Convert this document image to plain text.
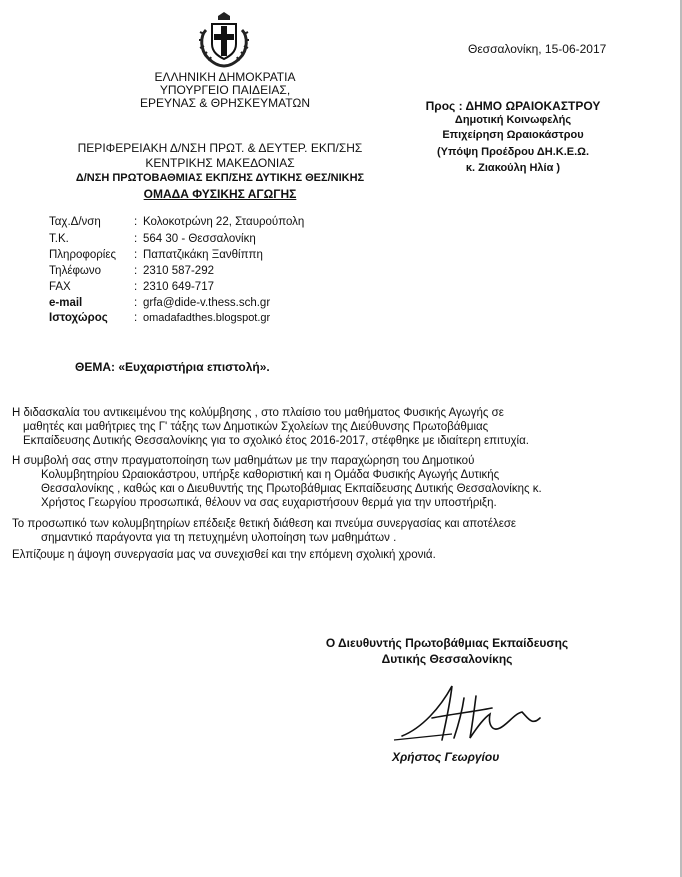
Θεσσαλονίκη, 15-06-2017
ΕΛΛΗΝΙΚΗ ΔΗΜΟΚΡΑΤΙΑ
ΥΠΟΥΡΓΕΙΟ ΠΑΙΔΕΙΑΣ,
ΕΡΕΥΝΑΣ & ΘΡΗΣΚΕΥΜΑΤΩΝ	Προς : ΔΗΜΟ ΩΡΑΙΟΚΑΣΤΡΟΥ
Δημοτική Κοινωφελής
Επιχείρηση Ωραιοκάστρου
(Υπόψη Προέδρου ΔΗ.Κ.Ε.Ω.
κ. Ζιακούλη Ηλία )
ΠΕΡΙΦΕΡΕΙΑΚΗ Δ/ΝΣΗ ΠΡΩΤ. & ΔΕΥΤΕΡ. ΕΚΠ/ΣΗΣ
ΚΕΝΤΡΙΚΗΣ ΜΑΚΕΔΟΝΙΑΣ
Δ/ΝΣΗ ΠΡΩΤΟΒΑΘΜΙΑΣ ΕΚΠ/ΣΗΣ ΔΥΤΙΚΗΣ ΘΕΣ/ΝΙΚΗΣ
ΟΜΑΔΑ ΦΥΣΙΚΗΣ ΑΓΩΓΗΣ
Ταχ.Δ/νση	: Κολοκοτρώνη 22, Σταυρούπολη
Τ.Κ.	: 564 30 - Θεσσαλονίκη
Πληροφορίες : Παπατζικάκη Ξανθίππη
Τηλέφωνο	: 2310 587-292
FAX	: 2310 649-717
e-mail	: grfa@dide-v.thess.sch.gr
Ιστοχώρος : omadafadthes.blogspot.gr
ΘΕΜΑ: «Ευχαριστήρια επιστολή».
Η διδασκαλία του αντικειμένου της κολύμβησης , στο πλαίσιο του μαθήματος Φυσικής Αγωγής σε
μαθητές και μαθήτριες της Γ' τάξης των Δημοτικών Σχολείων της Διεύθυνσης Πρωτοβάθμιας
Εκπαίδευσης Δυτικής Θεσσαλονίκης για το σχολικό έτος 2016-2017, στέφθηκε με ιδιαίτερη επιτυχία.
Η συμβολή σας στην πραγματοποίηση των μαθημάτων με την παραχώρηση του Δημοτικού
Κολυμβητηρίου Ωραιοκάστρου, υπήρξε καθοριστική και η Ομάδα Φυσικής Αγωγής Δυτικής
Θεσσαλονίκης , καθώς και ο Διευθυντής της Πρωτοβάθμιας Εκπαίδευσης Δυτικής Θεσσαλονίκης κ.
Χρήστος Γεωργίου προσωπικά, θέλουν να σας ευχαριστήσουν θερμά για την υποστήριξη.
Το προσωπικό των κολυμβητηρίων επέδειξε θετική διάθεση και πνεύμα συνεργασίας και αποτέλεσε
σημαντικό παράγοντα για τη πετυχημένη υλοποίηση των μαθημάτων .
Ελπίζουμε η άψογη συνεργασία μας να συνεχισθεί και την επόμενη σχολική χρονιά.
Ο Διευθυντής Πρωτοβάθμιας Εκπαίδευσης
Δυτικής Θεσσαλονίκης
Χρήστος Γεωργίου
